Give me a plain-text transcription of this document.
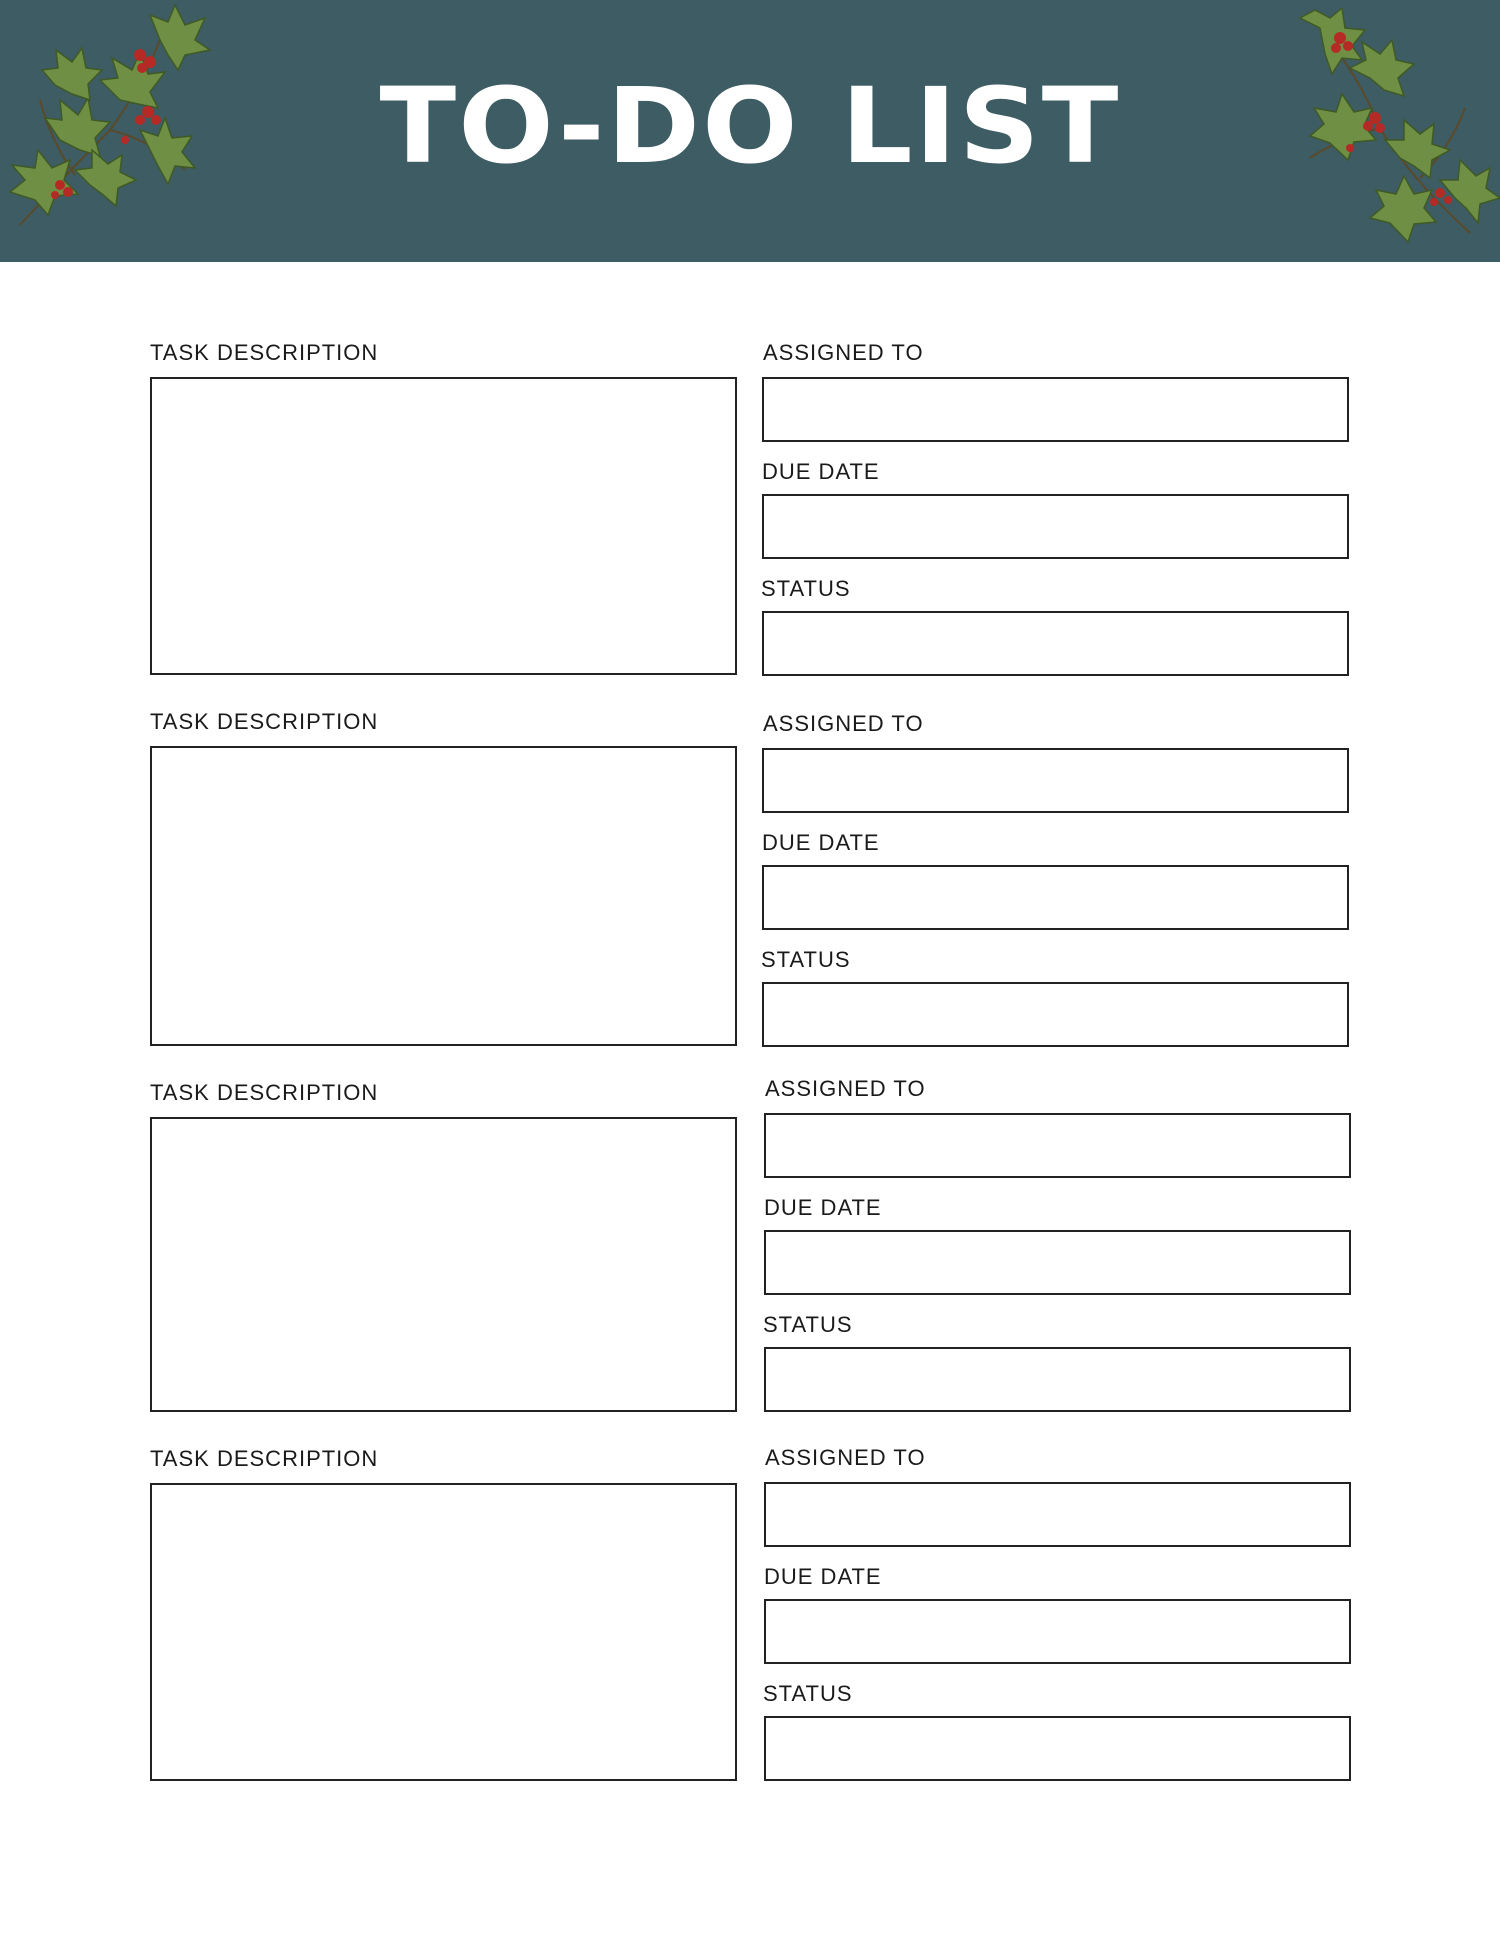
TO-DO LIST
TASK DESCRIPTION	ASSIGNED TO
DUE DATE
STATUS
TASK DESCRIPTION	ASSIGNED TO
DUE DATE
STATUS
TASK DESCRIPTION	ASSIGNED TO
DUE DATE
STATUS
TASK DESCRIPTION	ASSIGNED TO
DUE DATE
STATUS
